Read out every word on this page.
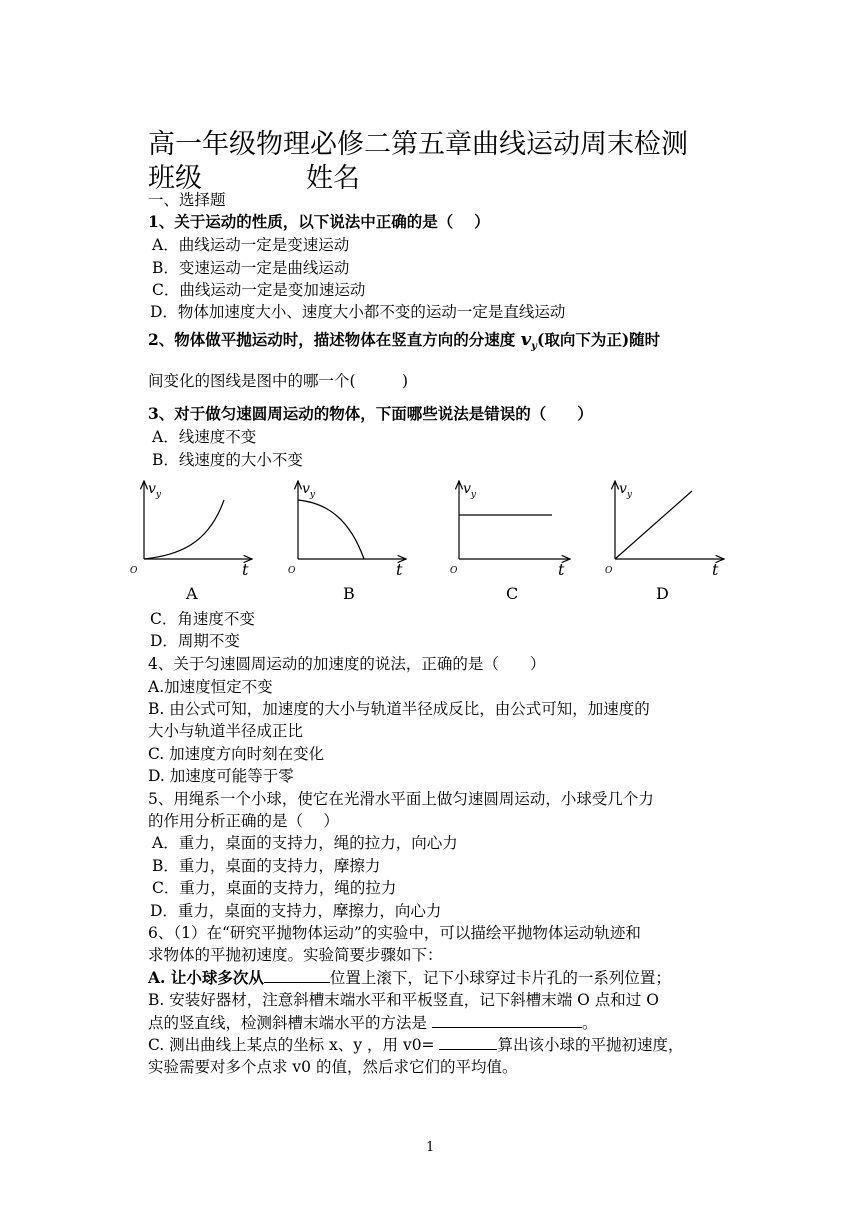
高一年级物理必修二第五章曲线运动周末检测
班级	姓名
一、选择题
1、关于运动的性质，以下说法中正确的是（　 ）
A．曲线运动一定是变速运动
B．变速运动一定是曲线运动
C．曲线运动一定是变加速运动
D．物体加速度大小、速度大小都不变的运动一定是直线运动
2、物体做平抛运动时，描述物体在竖直方向的分速度 $v_y$(取向下为正)随时
间变化的图线是图中的哪一个(　　　)
3、对于做匀速圆周运动的物体，下面哪些说法是错误的（　　）
A．线速度不变
B．线速度的大小不变
$v_y$
t
O
$v_y$
t
O
$v_y$
t
O
$v_y$
t
O
A	B	C	D
C．角速度不变
D．周期不变
4、关于匀速圆周运动的加速度的说法，正确的是（　　）
A.加速度恒定不变
B. 由公式可知，加速度的大小与轨道半径成反比，由公式可知，加速度的
大小与轨道半径成正比
C. 加速度方向时刻在变化
D. 加速度可能等于零
5、用绳系一个小球，使它在光滑水平面上做匀速圆周运动，小球受几个力
的作用分析正确的是（　 ）
A．重力，桌面的支持力，绳的拉力，向心力
B．重力，桌面的支持力，摩擦力
C．重力，桌面的支持力，绳的拉力
D．重力，桌面的支持力，摩擦力，向心力
6、（1）在“研究平抛物体运动”的实验中，可以描绘平抛物体运动轨迹和
求物体的平抛初速度。实验简要步骤如下：
A. 让小球多次从	位置上滚下，记下小球穿过卡片孔的一系列位置；
B. 安装好器材，注意斜槽末端水平和平板竖直，记下斜槽末端 O 点和过 O
点的竖直线，检测斜槽末端水平的方法是	。
C. 测出曲线上某点的坐标 x、y ，用 v0=	算出该小球的平抛初速度，
实验需要对多个点求 v0 的值，然后求它们的平均值。
1
